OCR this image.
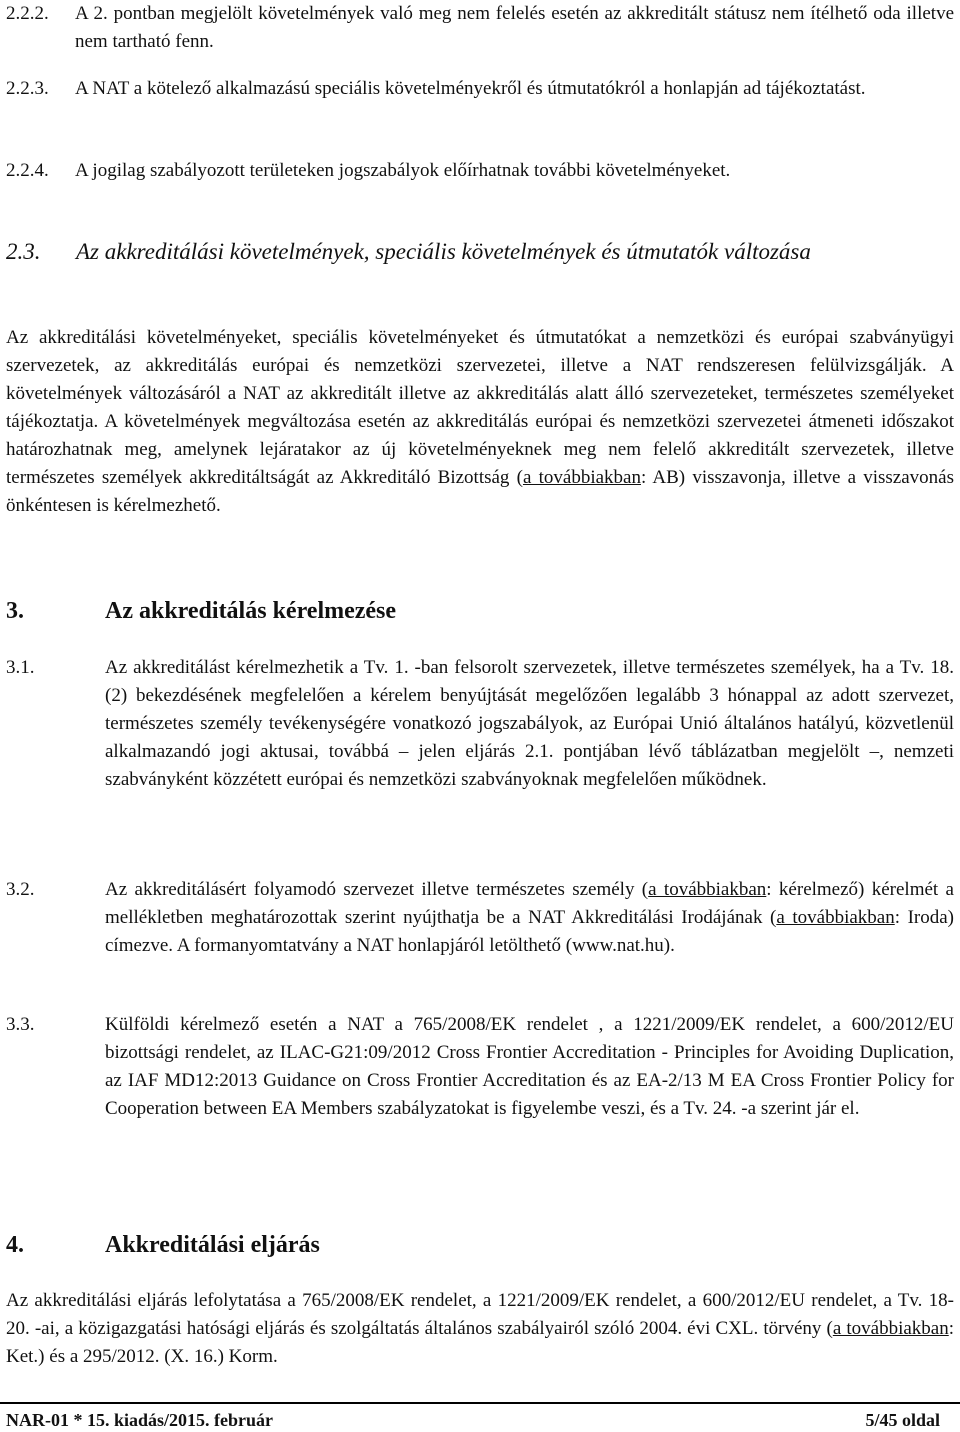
2.2.2. A 2. pontban megjelölt követelmények való meg nem felelés esetén az akkreditált státusz nem ítélhető oda illetve nem tartható fenn.
2.2.3. A NAT a kötelező alkalmazású speciális követelményekről és útmutatókról a honlapján ad tájékoztatást.
2.2.4. A jogilag szabályozott területeken jogszabályok előírhatnak további követelményeket.
2.3. Az akkreditálási követelmények, speciális követelmények és útmutatók változása
Az akkreditálási követelményeket, speciális követelményeket és útmutatókat a nemzetközi és európai szabványügyi szervezetek, az akkreditálás európai és nemzetközi szervezetei, illetve a NAT rendszeresen felülvizsgálják. A követelmények változásáról a NAT az akkreditált illetve az akkreditálás alatt álló szervezeteket, természetes személyeket tájékoztatja. A követelmények megváltozása esetén az akkreditálás európai és nemzetközi szervezetei átmeneti időszakot határozhatnak meg, amelynek lejáratakor az új követelményeknek meg nem felelő akkreditált szervezetek, illetve természetes személyek akkreditáltságát az Akkreditáló Bizottság (a továbbiakban: AB) visszavonja, illetve a visszavonás önkéntesen is kérelmezhető.
3.	Az akkreditálás kérelmezése
3.1.	Az akkreditálást kérelmezhetik a Tv. 1. -ban felsorolt szervezetek, illetve természetes személyek, ha a Tv. 18. (2) bekezdésének megfelelően a kérelem benyújtását megelőzően legalább 3 hónappal az adott szervezet, természetes személy tevékenységére vonatkozó jogszabályok, az Európai Unió általános hatályú, közvetlenül alkalmazandó jogi aktusai, továbbá – jelen eljárás 2.1. pontjában lévő táblázatban megjelölt –, nemzeti szabványként közzétett európai és nemzetközi szabványoknak megfelelően működnek.
3.2.	Az akkreditálásért folyamodó szervezet illetve természetes személy (a továbbiakban: kérelmező) kérelmét a mellékletben meghatározottak szerint nyújthatja be a NAT Akkreditálási Irodájának (a továbbiakban: Iroda) címezve. A formanyomtatvány a NAT honlapjáról letölthető (www.nat.hu).
3.3.	Külföldi kérelmező esetén a NAT a 765/2008/EK rendelet , a 1221/2009/EK rendelet, a 600/2012/EU bizottsági rendelet, az ILAC-G21:09/2012 Cross Frontier Accreditation - Principles for Avoiding Duplication, az IAF MD12:2013 Guidance on Cross Frontier Accreditation és az EA-2/13 M EA Cross Frontier Policy for Cooperation between EA Members szabályzatokat is figyelembe veszi, és a Tv. 24. -a szerint jár el.
4.	Akkreditálási eljárás
Az akkreditálási eljárás lefolytatása a 765/2008/EK rendelet, a 1221/2009/EK rendelet, a 600/2012/EU rendelet, a Tv. 18-20. -ai, a közigazgatási hatósági eljárás és szolgáltatás általános szabályairól szóló 2004. évi CXL. törvény (a továbbiakban: Ket.) és a 295/2012. (X. 16.) Korm.
NAR-01 * 15. kiadás/2015. február	5/45 oldal
